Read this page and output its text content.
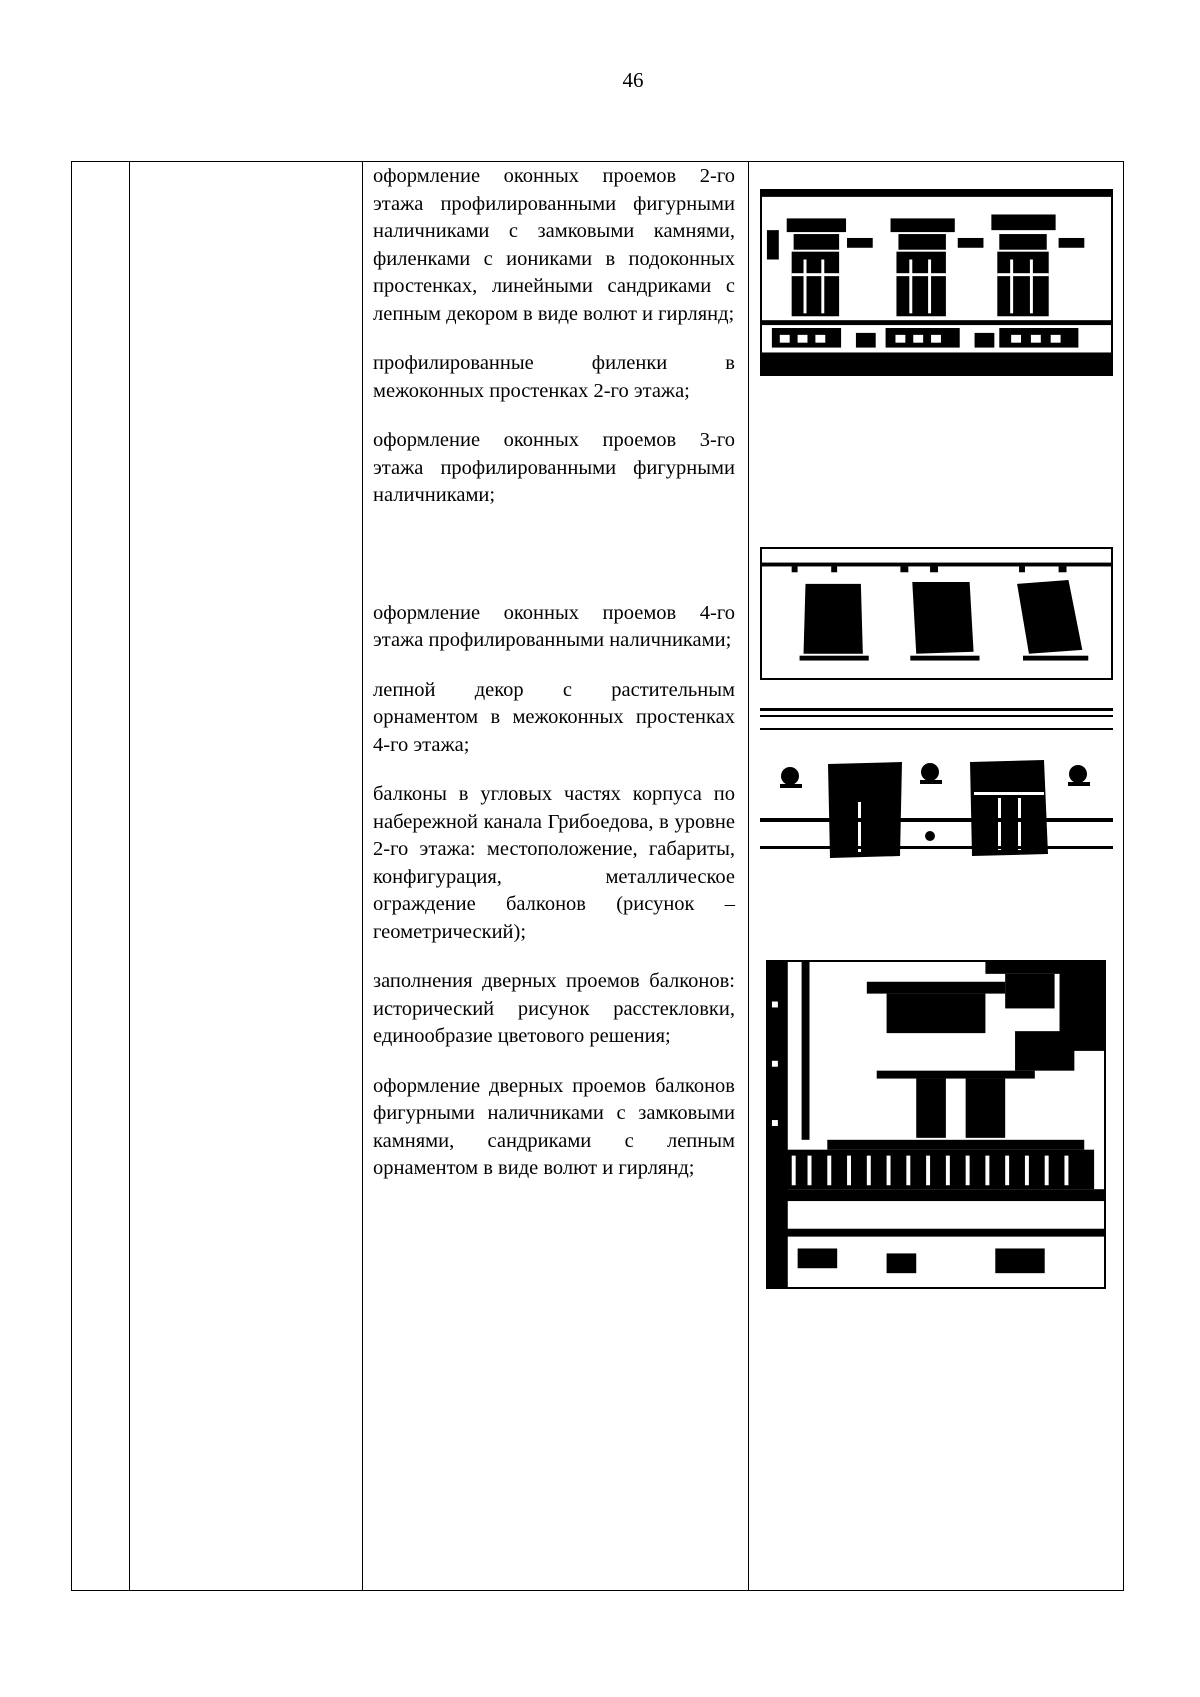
46

оформление оконных проемов 2-го этажа профилированными фигурными наличниками с замковыми камнями, филенками с иониками в подоконных простенках, линейными сандриками с лепным декором в виде волют и гирлянд;

профилированные филенки в межоконных простенках 2-го этажа;

оформление оконных проемов 3-го этажа профилированными фигурными наличниками;

оформление оконных проемов 4-го этажа профилированными наличниками;

лепной декор с растительным орнаментом в межоконных простенках 4-го этажа;

балконы в угловых частях корпуса по набережной канала Грибоедова, в уровне 2-го этажа: местоположение, габариты, конфигурация, металлическое ограждение балконов (рисунок – геометрический);

заполнения дверных проемов балконов: исторический рисунок расстекловки, единообразие цветового решения;

оформление дверных проемов балконов фигурными наличниками с замковыми камнями, сандриками с лепным орнаментом в виде волют и гирлянд;
